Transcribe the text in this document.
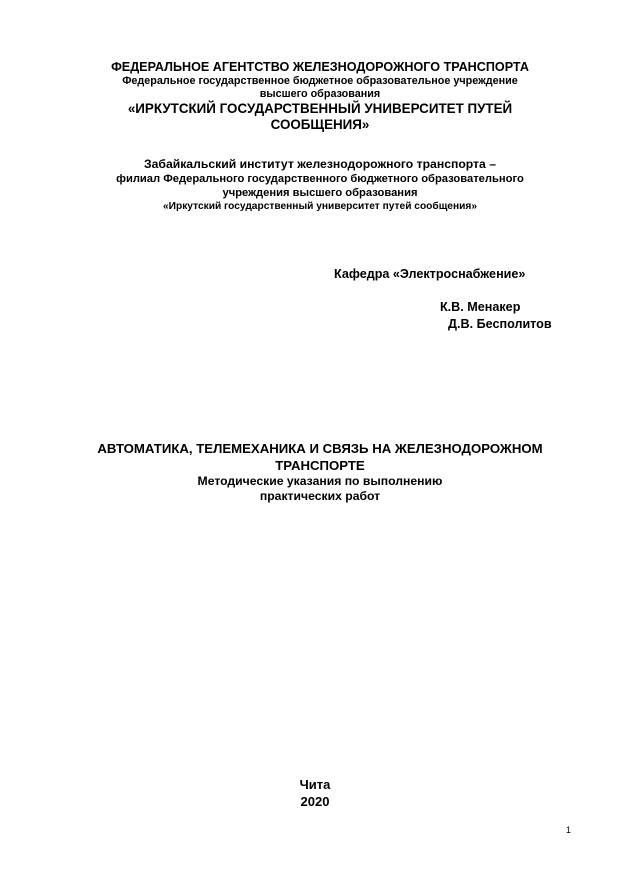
ФЕДЕРАЛЬНОЕ АГЕНТСТВО ЖЕЛЕЗНОДОРОЖНОГО ТРАНСПОРТА
Федеральное государственное бюджетное образовательное учреждение
высшего образования
«ИРКУТСКИЙ ГОСУДАРСТВЕННЫЙ УНИВЕРСИТЕТ ПУТЕЙ
СООБЩЕНИЯ»
Забайкальский институт железнодорожного транспорта –
филиал Федерального государственного бюджетного образовательного
учреждения высшего образования
«Иркутский государственный университет путей сообщения»
Кафедра «Электроснабжение»
К.В. Менакер
Д.В. Бесполитов
АВТОМАТИКА, ТЕЛЕМЕХАНИКА И СВЯЗЬ НА ЖЕЛЕЗНОДОРОЖНОМ
ТРАНСПОРТЕ
Методические указания по выполнению
практических работ
Чита
2020
1
